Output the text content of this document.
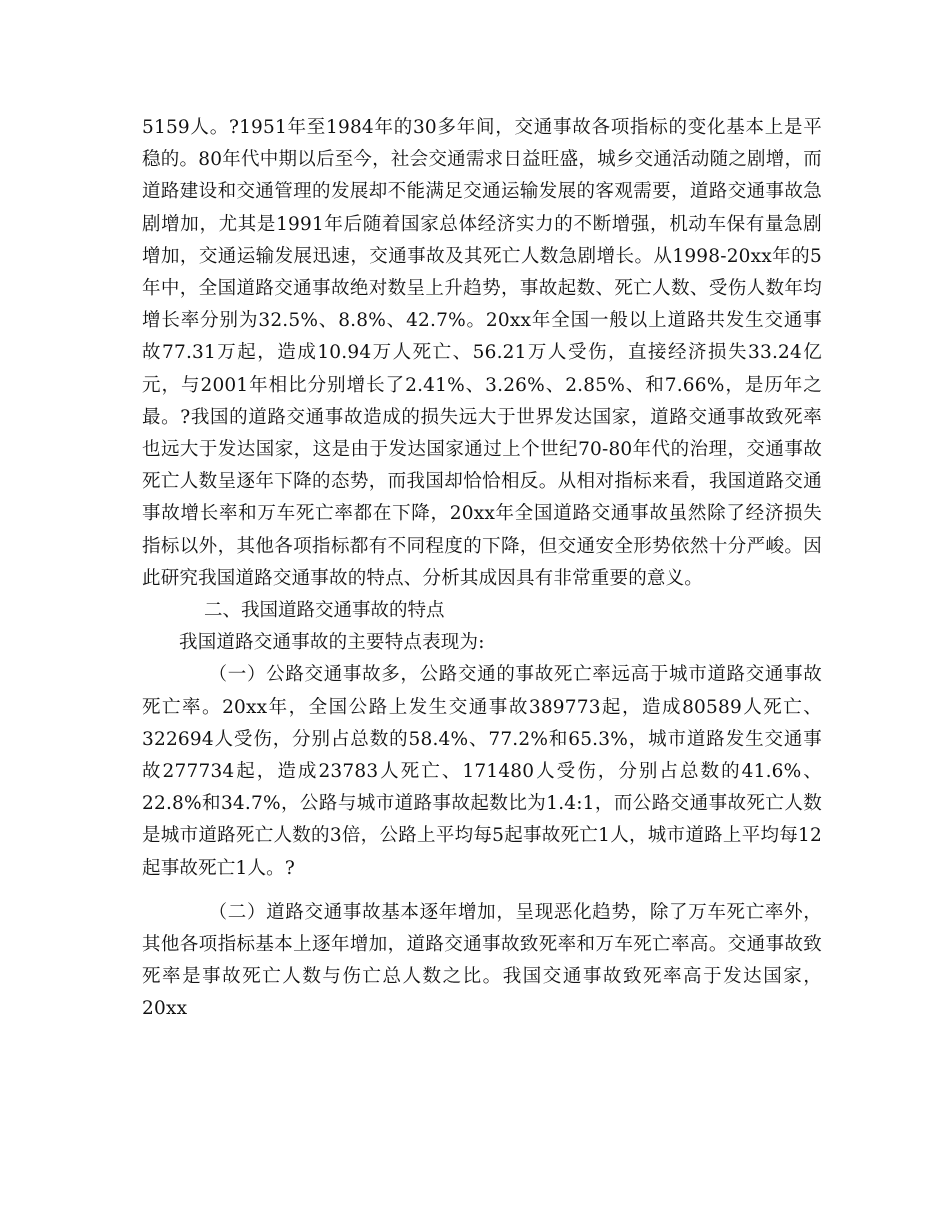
5159人。?1951年至1984年的30多年间，交通事故各项指标的变化基本上是平稳的。80年代中期以后至今，社会交通需求日益旺盛，城乡交通活动随之剧增，而道路建设和交通管理的发展却不能满足交通运输发展的客观需要，道路交通事故急剧增加，尤其是1991年后随着国家总体经济实力的不断增强，机动车保有量急剧增加，交通运输发展迅速，交通事故及其死亡人数急剧增长。从1998-20xx年的5年中，全国道路交通事故绝对数呈上升趋势，事故起数、死亡人数、受伤人数年均增长率分别为32.5%、8.8%、42.7%。20xx年全国一般以上道路共发生交通事故77.31万起，造成10.94万人死亡、56.21万人受伤，直接经济损失33.24亿元，与2001年相比分别增长了2.41%、3.26%、2.85%、和7.66%，是历年之最。?我国的道路交通事故造成的损失远大于世界发达国家，道路交通事故致死率也远大于发达国家，这是由于发达国家通过上个世纪70-80年代的治理，交通事故死亡人数呈逐年下降的态势，而我国却恰恰相反。从相对指标来看，我国道路交通事故增长率和万车死亡率都在下降，20xx年全国道路交通事故虽然除了经济损失指标以外，其他各项指标都有不同程度的下降，但交通安全形势依然十分严峻。因此研究我国道路交通事故的特点、分析其成因具有非常重要的意义。

二、我国道路交通事故的特点

我国道路交通事故的主要特点表现为:

（一）公路交通事故多，公路交通的事故死亡率远高于城市道路交通事故死亡率。20xx年，全国公路上发生交通事故389773起，造成80589人死亡、322694人受伤，分别占总数的58.4%、77.2%和65.3%，城市道路发生交通事故277734起，造成23783人死亡、171480人受伤，分别占总数的41.6%、22.8%和34.7%，公路与城市道路事故起数比为1.4:1，而公路交通事故死亡人数是城市道路死亡人数的3倍，公路上平均每5起事故死亡1人，城市道路上平均每12起事故死亡1人。?

（二）道路交通事故基本逐年增加，呈现恶化趋势，除了万车死亡率外，其他各项指标基本上逐年增加，道路交通事故致死率和万车死亡率高。交通事故致死率是事故死亡人数与伤亡总人数之比。我国交通事故致死率高于发达国家，20xx
